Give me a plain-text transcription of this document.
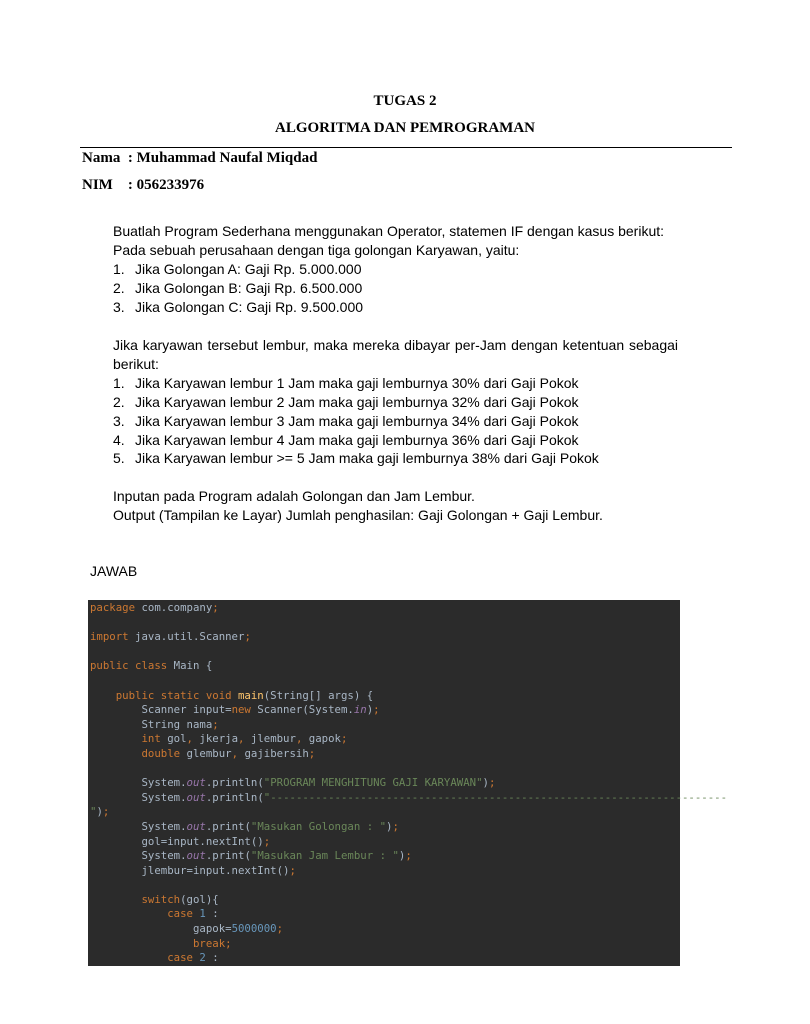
TUGAS 2
ALGORITMA DAN PEMROGRAMAN
Nama  : Muhammad Naufal Miqdad
NIM    : 056233976

Buatlah Program Sederhana menggunakan Operator, statemen IF dengan kasus berikut:

Pada sebuah perusahaan dengan tiga golongan Karyawan, yaitu:

1. Jika Golongan A: Gaji Rp. 5.000.000
2. Jika Golongan B: Gaji Rp. 6.500.000
3. Jika Golongan C: Gaji Rp. 9.500.000

Jika karyawan tersebut lembur, maka mereka dibayar per-Jam dengan ketentuan sebagai berikut:

1. Jika Karyawan lembur 1 Jam maka gaji lemburnya 30% dari Gaji Pokok
2. Jika Karyawan lembur 2 Jam maka gaji lemburnya 32% dari Gaji Pokok
3. Jika Karyawan lembur 3 Jam maka gaji lemburnya 34% dari Gaji Pokok
4. Jika Karyawan lembur 4 Jam maka gaji lemburnya 36% dari Gaji Pokok
5. Jika Karyawan lembur >= 5 Jam maka gaji lemburnya 38% dari Gaji Pokok

Inputan pada Program adalah Golongan dan Jam Lembur.

Output (Tampilan ke Layar) Jumlah penghasilan: Gaji Golongan + Gaji Lembur.

JAWAB
package com.company;

import java.util.Scanner;

public class Main {

public static void main(String[] args) {
Scanner input=new Scanner(System.in);
String nama;
int gol, jkerja, jlembur, gapok;
double glembur, gajibersih;

System.out.println("PROGRAM MENGHITUNG GAJI KARYAWAN");
System.out.println("-----------------------------------------------------------------------
");
System.out.print("Masukan Golongan : ");
gol=input.nextInt();
System.out.print("Masukan Jam Lembur : ");
jlembur=input.nextInt();

switch(gol){
case 1 :
gapok=5000000;
break;
case 2 :
